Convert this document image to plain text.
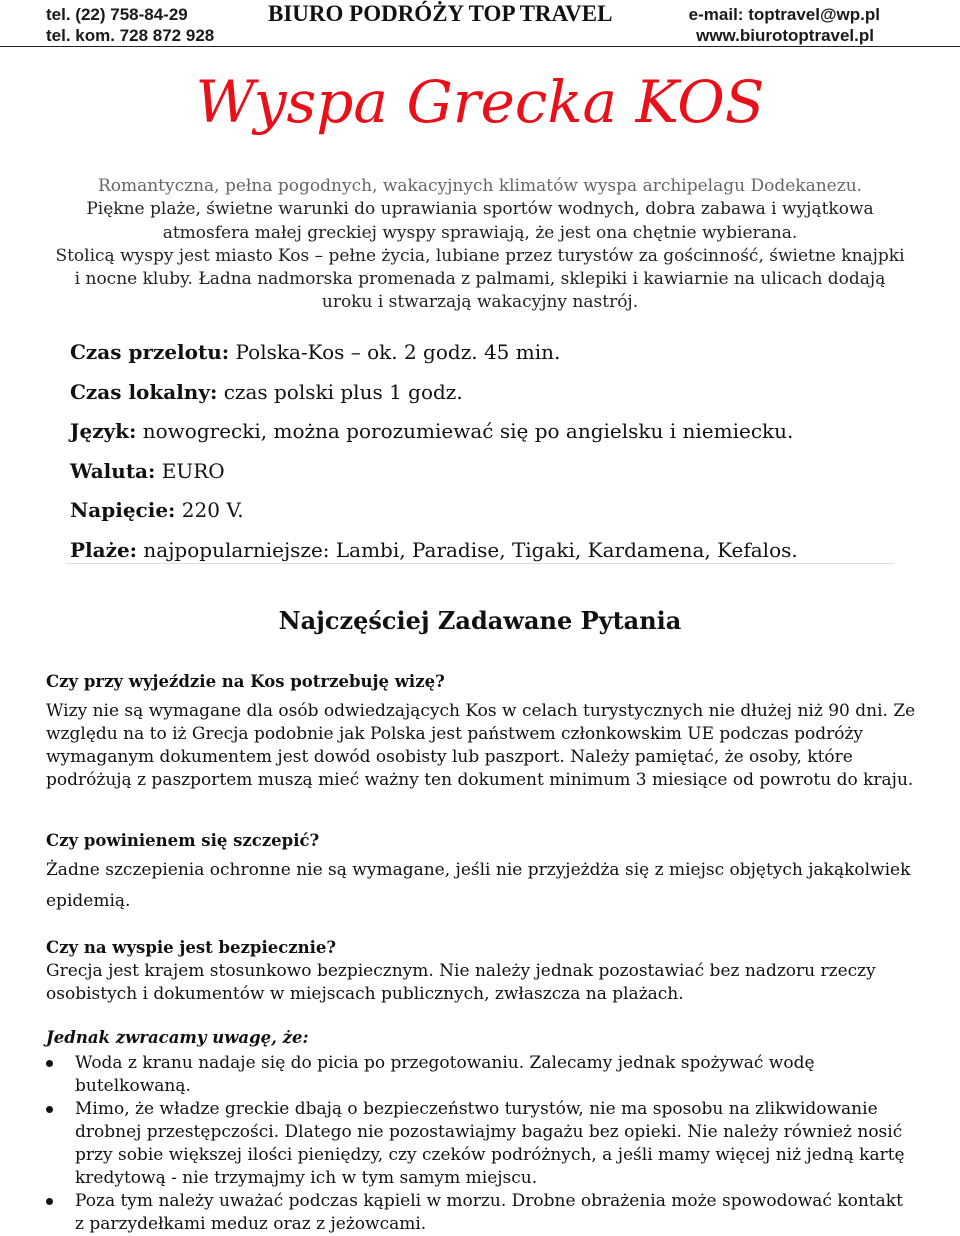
tel. (22) 758-84-29
tel. kom. 728 872 928
BIURO PODRÓŻY TOP TRAVEL	e-mail: toptravel@wp.pl
www.biurotoptravel.pl
Wyspa Grecka KOS
Romantyczna, pełna pogodnych, wakacyjnych klimatów wyspa archipelagu Dodekanezu.
Piękne plaże, świetne warunki do uprawiania sportów wodnych, dobra zabawa i wyjątkowa atmosfera małej greckiej wyspy sprawiają, że jest ona chętnie wybierana.
Stolicą wyspy jest miasto Kos – pełne życia, lubiane przez turystów za gościnność, świetne knajpki i nocne kluby. Ładna nadmorska promenada z palmami, sklepiki i kawiarnie na ulicach dodają uroku i stwarzają wakacyjny nastrój.
Czas przelotu: Polska-Kos – ok. 2 godz. 45 min.
Czas lokalny: czas polski plus 1 godz.
Język: nowogrecki, można porozumiewać się po angielsku i niemiecku.
Waluta: EURO
Napięcie: 220 V.
Plaże: najpopularniejsze: Lambi, Paradise, Tigaki, Kardamena, Kefalos.
Najczęściej Zadawane Pytania
Czy przy wyjeździe na Kos potrzebuję wizę?
Wizy nie są wymagane dla osób odwiedzających Kos w celach turystycznych nie dłużej niż 90 dni. Ze względu na to iż Grecja podobnie jak Polska jest państwem członkowskim UE podczas podróży wymaganym dokumentem jest dowód osobisty lub paszport. Należy pamiętać, że osoby, które podróżują z paszportem muszą mieć ważny ten dokument minimum 3 miesiące od powrotu do kraju.
Czy powinienem się szczepić?
Żadne szczepienia ochronne nie są wymagane, jeśli nie przyjeżdża się z miejsc objętych jakąkolwiek epidemią.
Czy na wyspie jest bezpiecznie?
Grecja jest krajem stosunkowo bezpiecznym. Nie należy jednak pozostawiać bez nadzoru rzeczy osobistych i dokumentów w miejscach publicznych, zwłaszcza na plażach.
Jednak zwracamy uwagę, że:
Woda z kranu nadaje się do picia po przegotowaniu. Zalecamy jednak spożywać wodę butelkowaną.
Mimo, że władze greckie dbają o bezpieczeństwo turystów, nie ma sposobu na zlikwidowanie drobnej przestępczości. Dlatego nie pozostawiajmy bagażu bez opieki. Nie należy również nosić przy sobie większej ilości pieniędzy, czy czeków podróżnych, a jeśli mamy więcej niż jedną kartę kredytową - nie trzymajmy ich w tym samym miejscu.
Poza tym należy uważać podczas kąpieli w morzu. Drobne obrażenia może spowodować kontakt z parzydełkami meduz oraz z jeżowcami.
